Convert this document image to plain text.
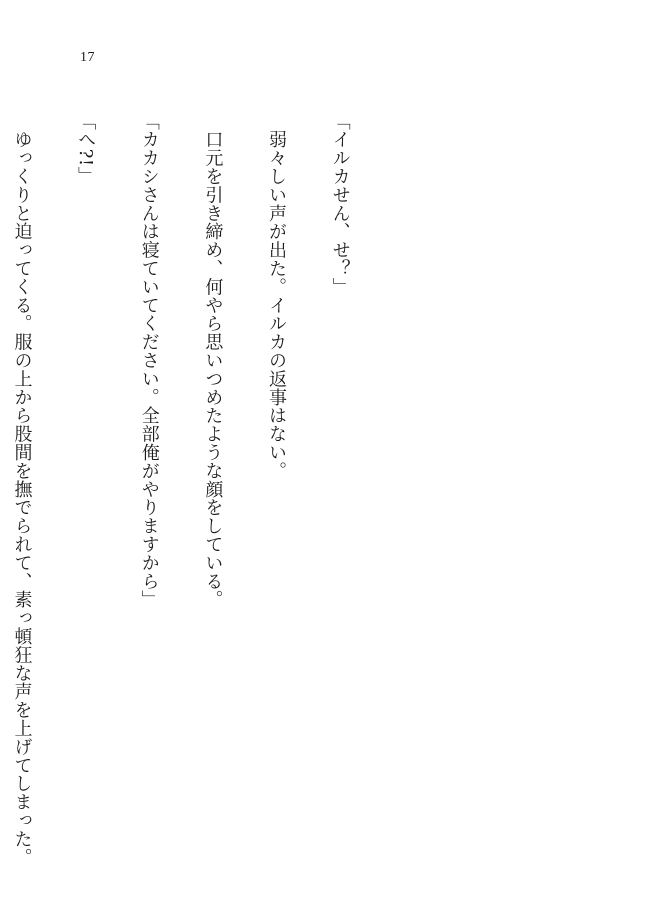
17

「イルカせん、せ？」

　弱々しい声が出た。イルカの返事はない。

　口元を引き締め、何やら思いつめたような顔をしている。

「カカシさんは寝ていてください。全部俺がやりますから」

「へ?!」

　ゆっくりと迫ってくる。服の上から股間を撫でられて、素っ頓狂な声を上げてしまった。
